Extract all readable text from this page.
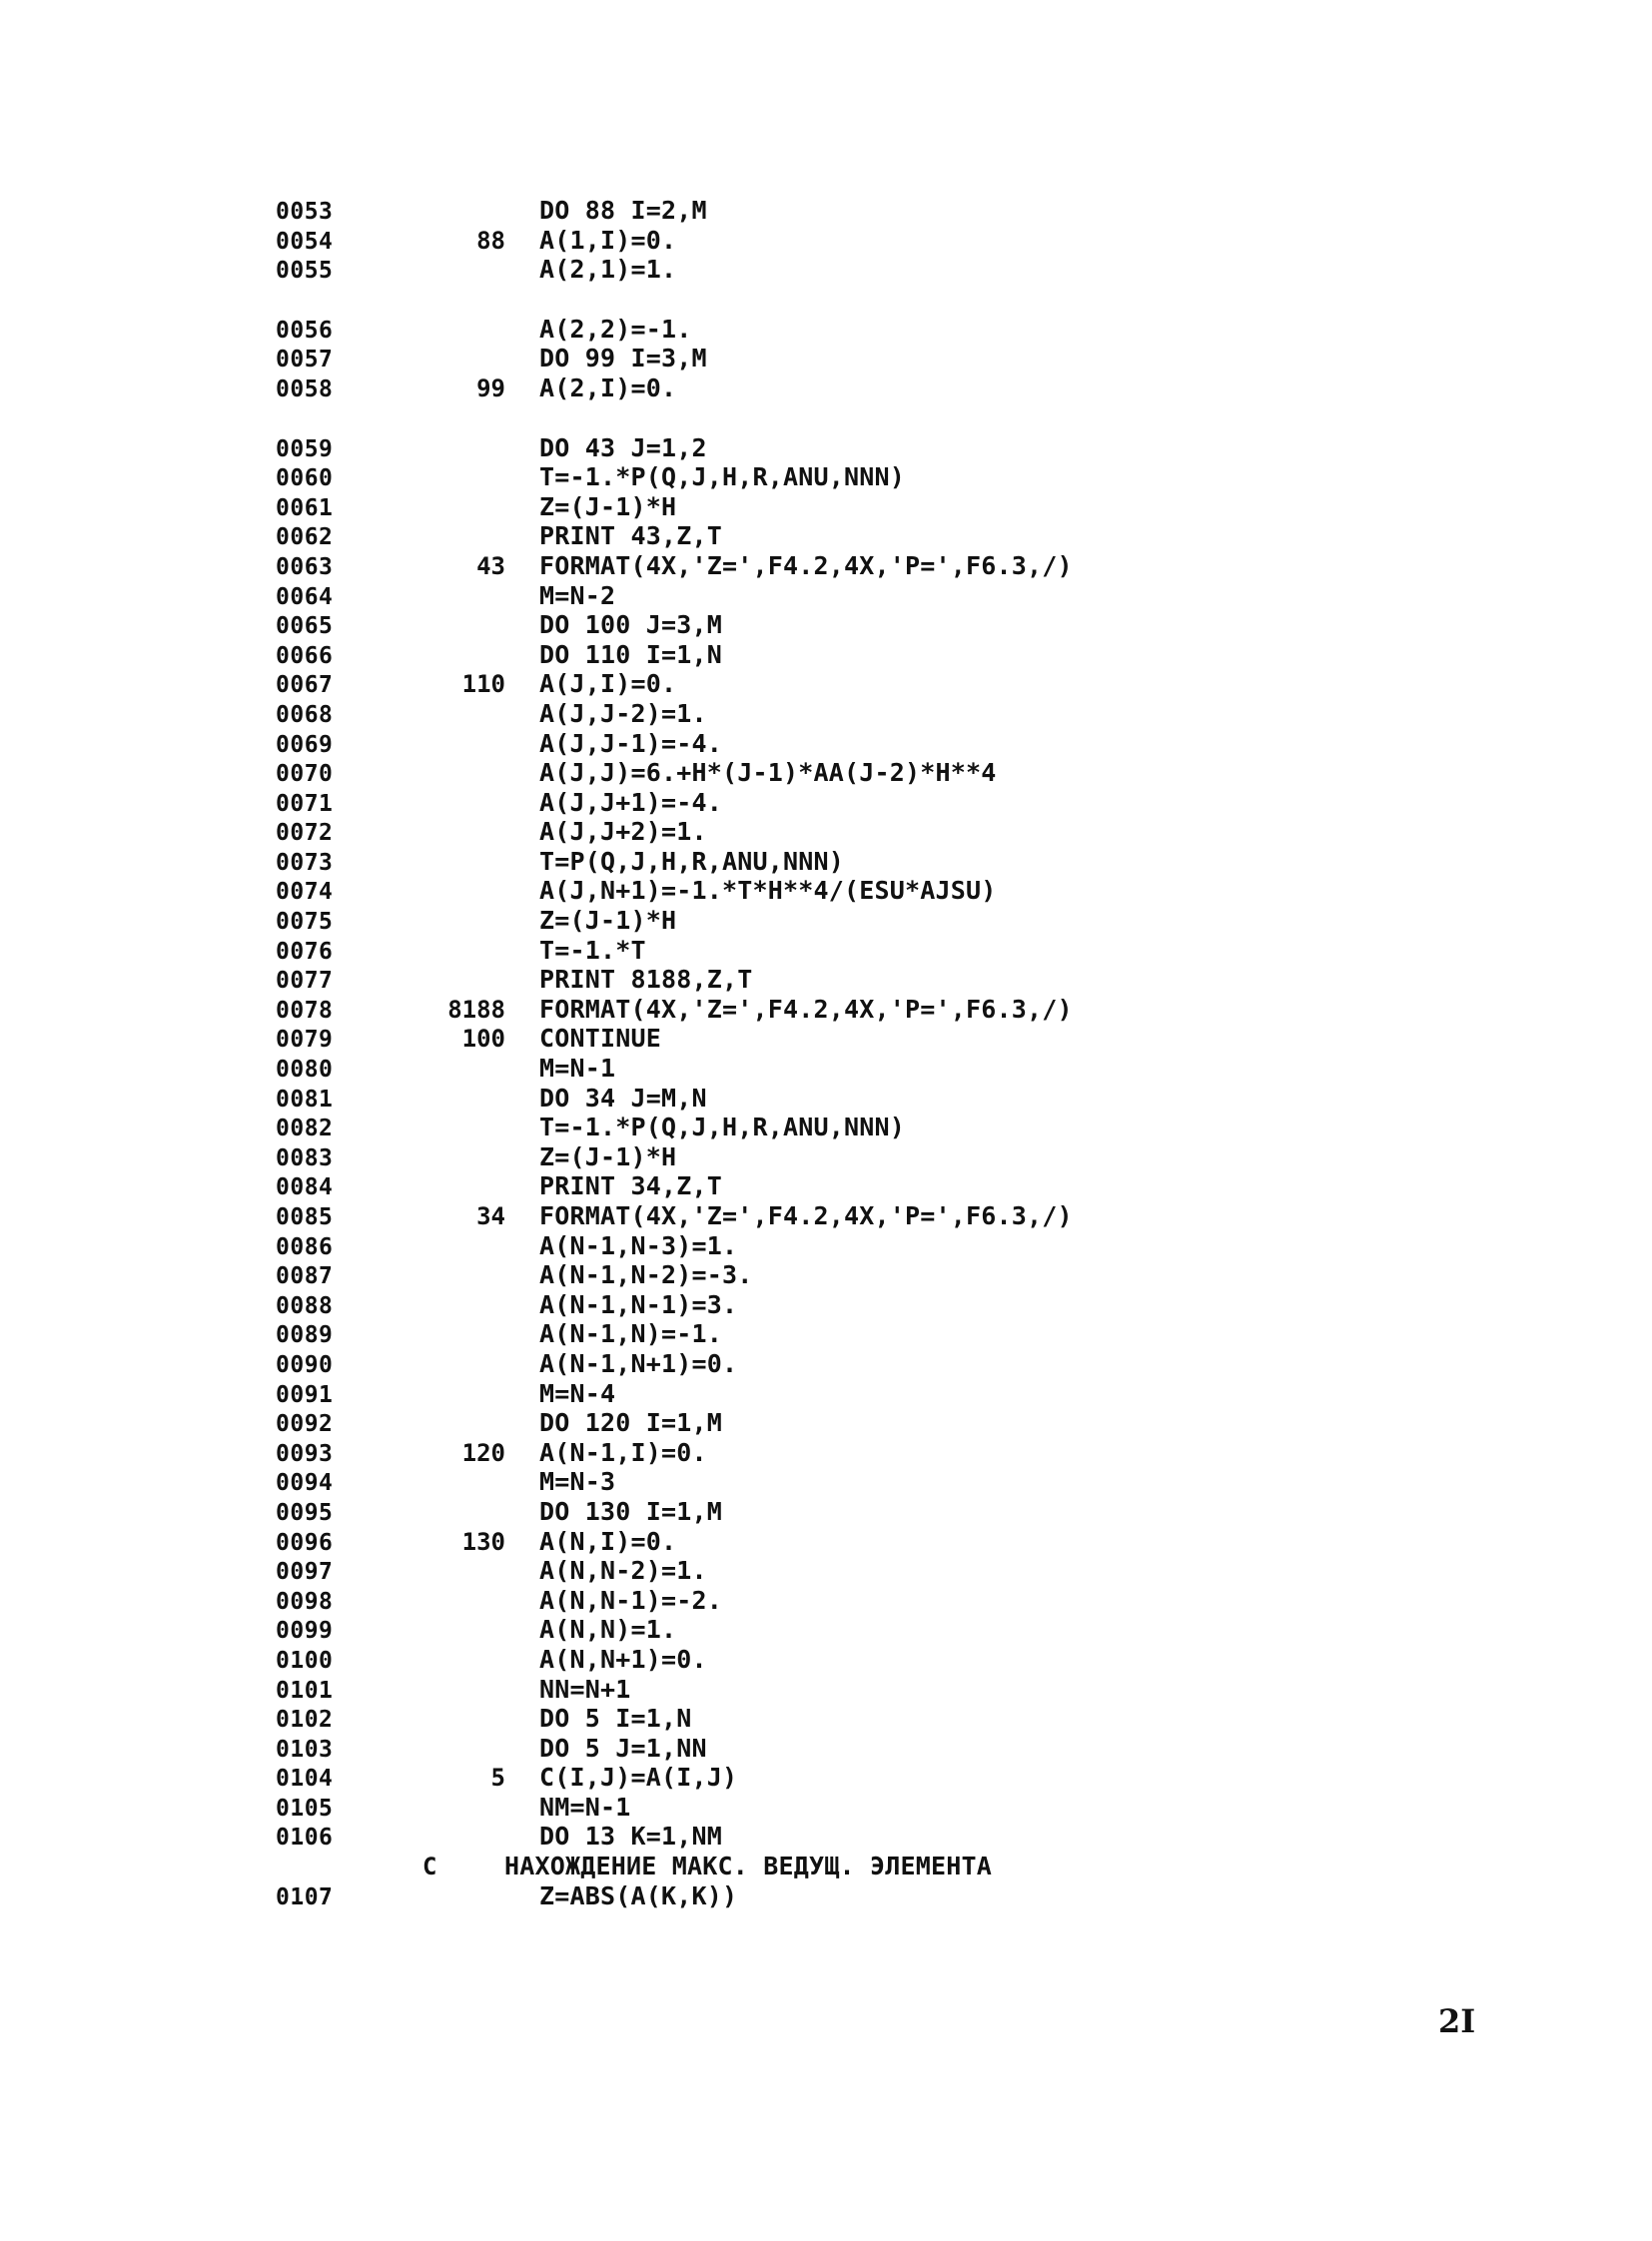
0053	DO 88 I=2,M
0054	88 A(1,I)=0.
0055	A(2,1)=1.
0056	A(2,2)=-1.
0057	DO 99 I=3,M
0058	99 A(2,I)=0.
0059	DO 43 J=1,2
0060	T=-1.*P(Q,J,H,R,ANU,NNN)
0061	Z=(J-1)*H
0062	PRINT 43,Z,T
0063	43 FORMAT(4X,'Z=',F4.2,4X,'P=',F6.3,/)
0064	M=N-2
0065	DO 100 J=3,M
0066	DO 110 I=1,N
0067	110 A(J,I)=0.
0068	A(J,J-2)=1.
0069	A(J,J-1)=-4.
0070	A(J,J)=6.+H*(J-1)*AA(J-2)*H**4
0071	A(J,J+1)=-4.
0072	A(J,J+2)=1.
0073	T=P(Q,J,H,R,ANU,NNN)
0074	A(J,N+1)=-1.*T*H**4/(ESU*AJSU)
0075	Z=(J-1)*H
0076	T=-1.*T
0077	PRINT 8188,Z,T
0078	8188 FORMAT(4X,'Z=',F4.2,4X,'P=',F6.3,/)
0079	100 CONTINUE
0080	M=N-1
0081	DO 34 J=M,N
0082	T=-1.*P(Q,J,H,R,ANU,NNN)
0083	Z=(J-1)*H
0084	PRINT 34,Z,T
0085	34 FORMAT(4X,'Z=',F4.2,4X,'P=',F6.3,/)
0086	A(N-1,N-3)=1.
0087	A(N-1,N-2)=-3.
0088	A(N-1,N-1)=3.
0089	A(N-1,N)=-1.
0090	A(N-1,N+1)=0.
0091	M=N-4
0092	DO 120 I=1,M
0093	120 A(N-1,I)=0.
0094	M=N-3
0095	DO 130 I=1,M
0096	130 A(N,I)=0.
0097	A(N,N-2)=1.
0098	A(N,N-1)=-2.
0099	A(N,N)=1.
0100	A(N,N+1)=0.
0101	NN=N+1
0102	DO 5 I=1,N
0103	DO 5 J=1,NN
0104	5 C(I,J)=A(I,J)
0105	NM=N-1
0106	DO 13 K=1,NM
C	НАХОЖДЕНИЕ МАКС. ВЕДУЩ. ЭЛЕМЕНТА
0107	Z=ABS(A(K,K))
2I
